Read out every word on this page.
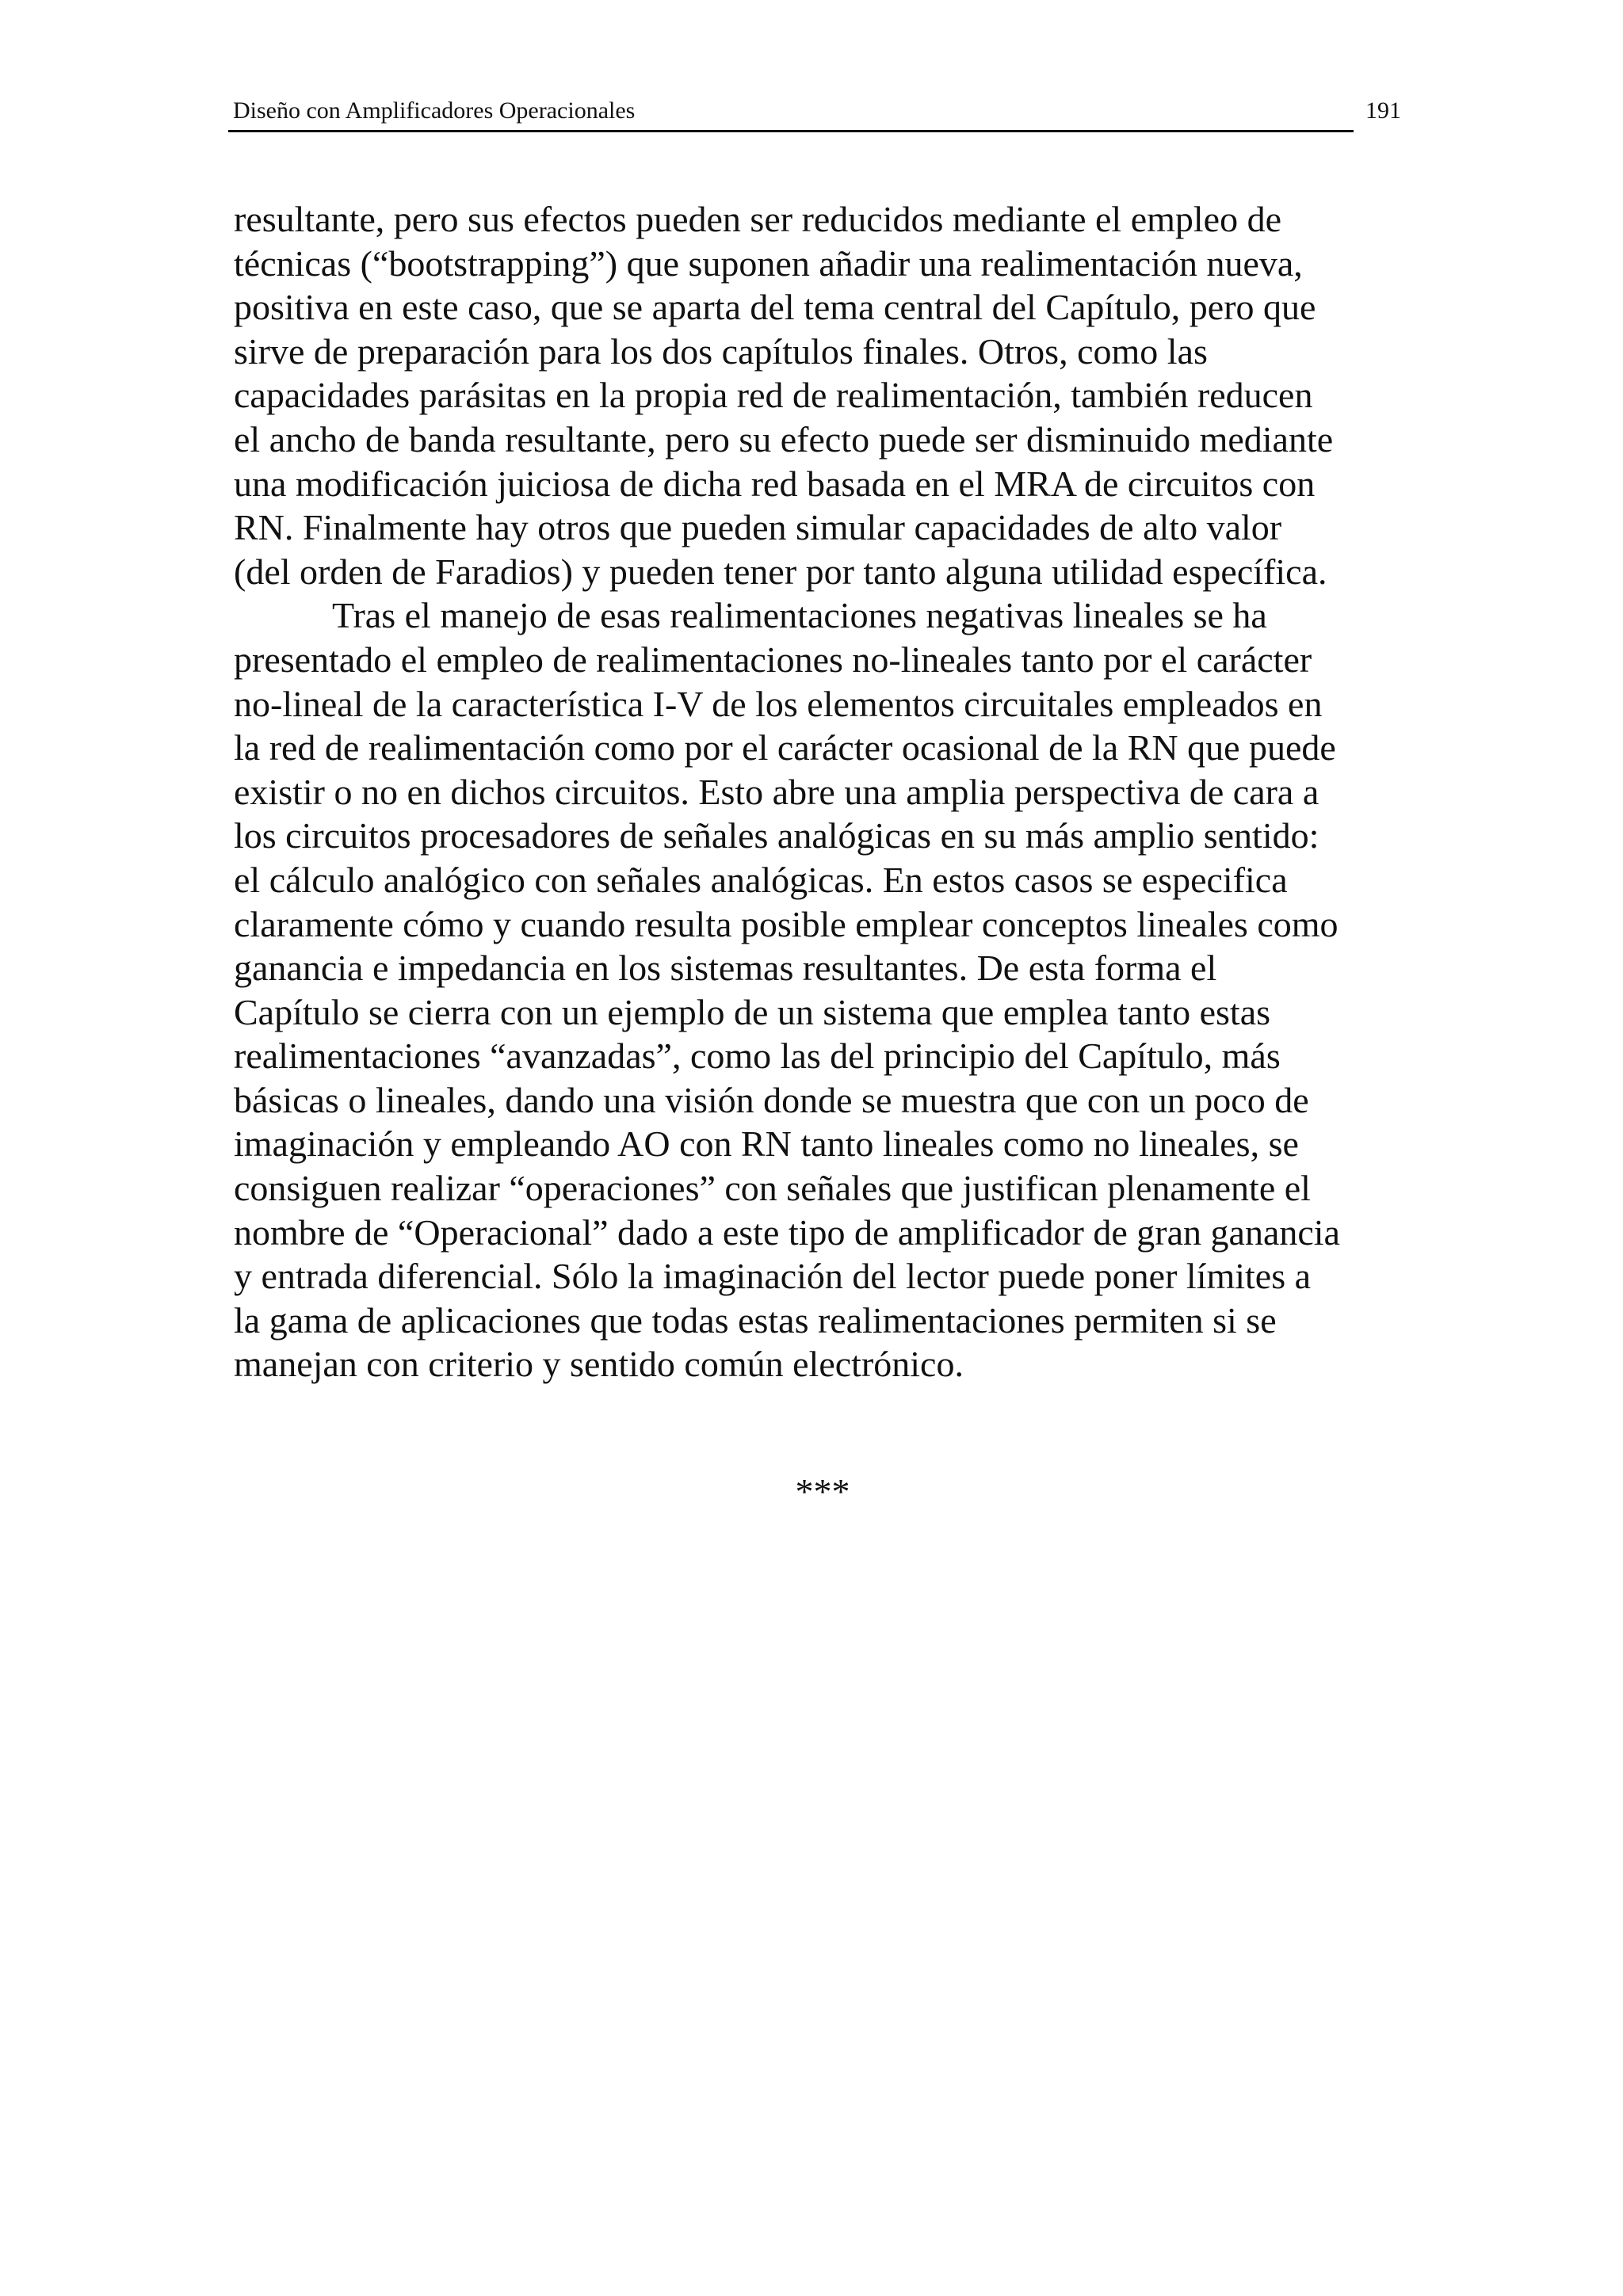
Diseño con Amplificadores Operacionales	191

resultante, pero sus efectos pueden ser reducidos mediante el empleo de
técnicas (“bootstrapping”) que suponen añadir una realimentación nueva,
positiva en este caso, que se aparta del tema central del Capítulo, pero que
sirve de preparación para los dos capítulos finales. Otros, como las
capacidades parásitas en la propia red de realimentación, también reducen
el ancho de banda resultante, pero su efecto puede ser disminuido mediante
una modificación juiciosa de dicha red basada en el MRA de circuitos con
RN. Finalmente hay otros que pueden simular capacidades de alto valor
(del orden de Faradios) y pueden tener por tanto alguna utilidad específica.

Tras el manejo de esas realimentaciones negativas lineales se ha
presentado el empleo de realimentaciones no-lineales tanto por el carácter
no-lineal de la característica I-V de los elementos circuitales empleados en
la red de realimentación como por el carácter ocasional de la RN que puede
existir o no en dichos circuitos. Esto abre una amplia perspectiva de cara a
los circuitos procesadores de señales analógicas en su más amplio sentido:
el cálculo analógico con señales analógicas. En estos casos se especifica
claramente cómo y cuando resulta posible emplear conceptos lineales como
ganancia e impedancia en los sistemas resultantes. De esta forma el
Capítulo se cierra con un ejemplo de un sistema que emplea tanto estas
realimentaciones “avanzadas”, como las del principio del Capítulo, más
básicas o lineales, dando una visión donde se muestra que con un poco de
imaginación y empleando AO con RN tanto lineales como no lineales, se
consiguen realizar “operaciones” con señales que justifican plenamente el
nombre de “Operacional” dado a este tipo de amplificador de gran ganancia
y entrada diferencial. Sólo la imaginación del lector puede poner límites a
la gama de aplicaciones que todas estas realimentaciones permiten si se
manejan con criterio y sentido común electrónico.

***
